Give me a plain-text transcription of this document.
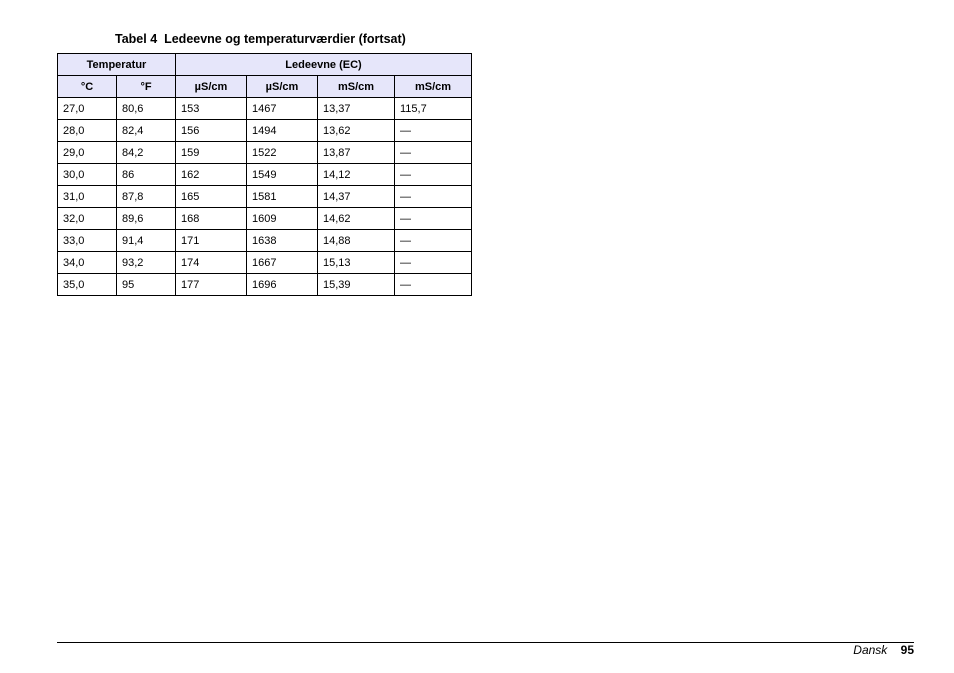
Tabel 4  Ledeevne og temperaturværdier (fortsat)
Temperatur		Ledeevne (EC)			
°C	°F	µS/cm	µS/cm	mS/cm	mS/cm
27,0	80,6	153	1467	13,37	115,7
28,0	82,4	156	1494	13,62	—
29,0	84,2	159	1522	13,87	—
30,0	86	162	1549	14,12	—
31,0	87,8	165	1581	14,37	—
32,0	89,6	168	1609	14,62	—
33,0	91,4	171	1638	14,88	—
34,0	93,2	174	1667	15,13	—
35,0	95	177	1696	15,39	—
Dansk 95
